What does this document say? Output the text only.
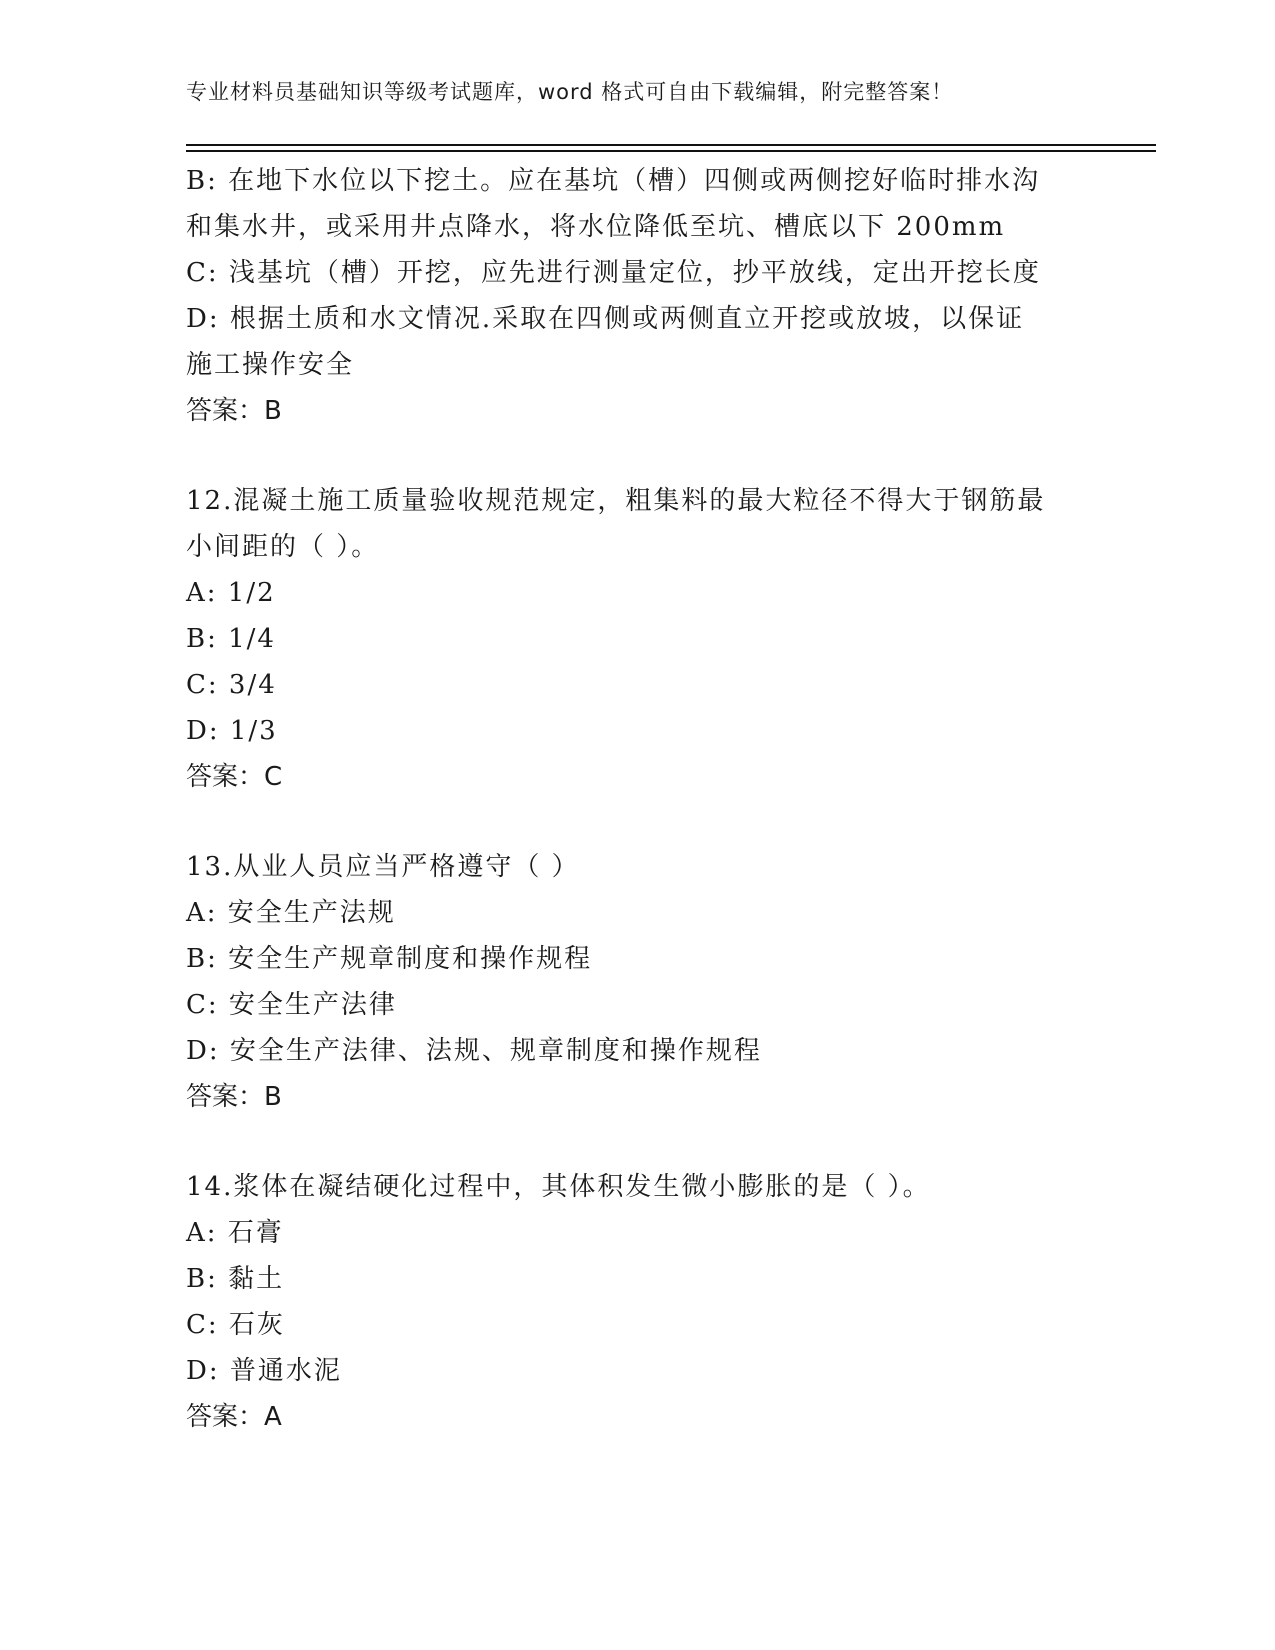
专业材料员基础知识等级考试题库，word 格式可自由下载编辑，附完整答案！
B: 在地下水位以下挖土。应在基坑（槽）四侧或两侧挖好临时排水沟
和集水井，或采用井点降水，将水位降低至坑、槽底以下 200mm
C: 浅基坑（槽）开挖，应先进行测量定位，抄平放线，定出开挖长度
D: 根据土质和水文情况.采取在四侧或两侧直立开挖或放坡，以保证
施工操作安全
答案：B
12.混凝土施工质量验收规范规定，粗集料的最大粒径不得大于钢筋最
小间距的（ ）。
A: 1/2
B: 1/4
C: 3/4
D: 1/3
答案：C
13.从业人员应当严格遵守（ ）
A: 安全生产法规
B: 安全生产规章制度和操作规程
C: 安全生产法律
D: 安全生产法律、法规、规章制度和操作规程
答案：B
14.浆体在凝结硬化过程中，其体积发生微小膨胀的是（ ）。
A: 石膏
B: 黏土
C: 石灰
D: 普通水泥
答案：A
